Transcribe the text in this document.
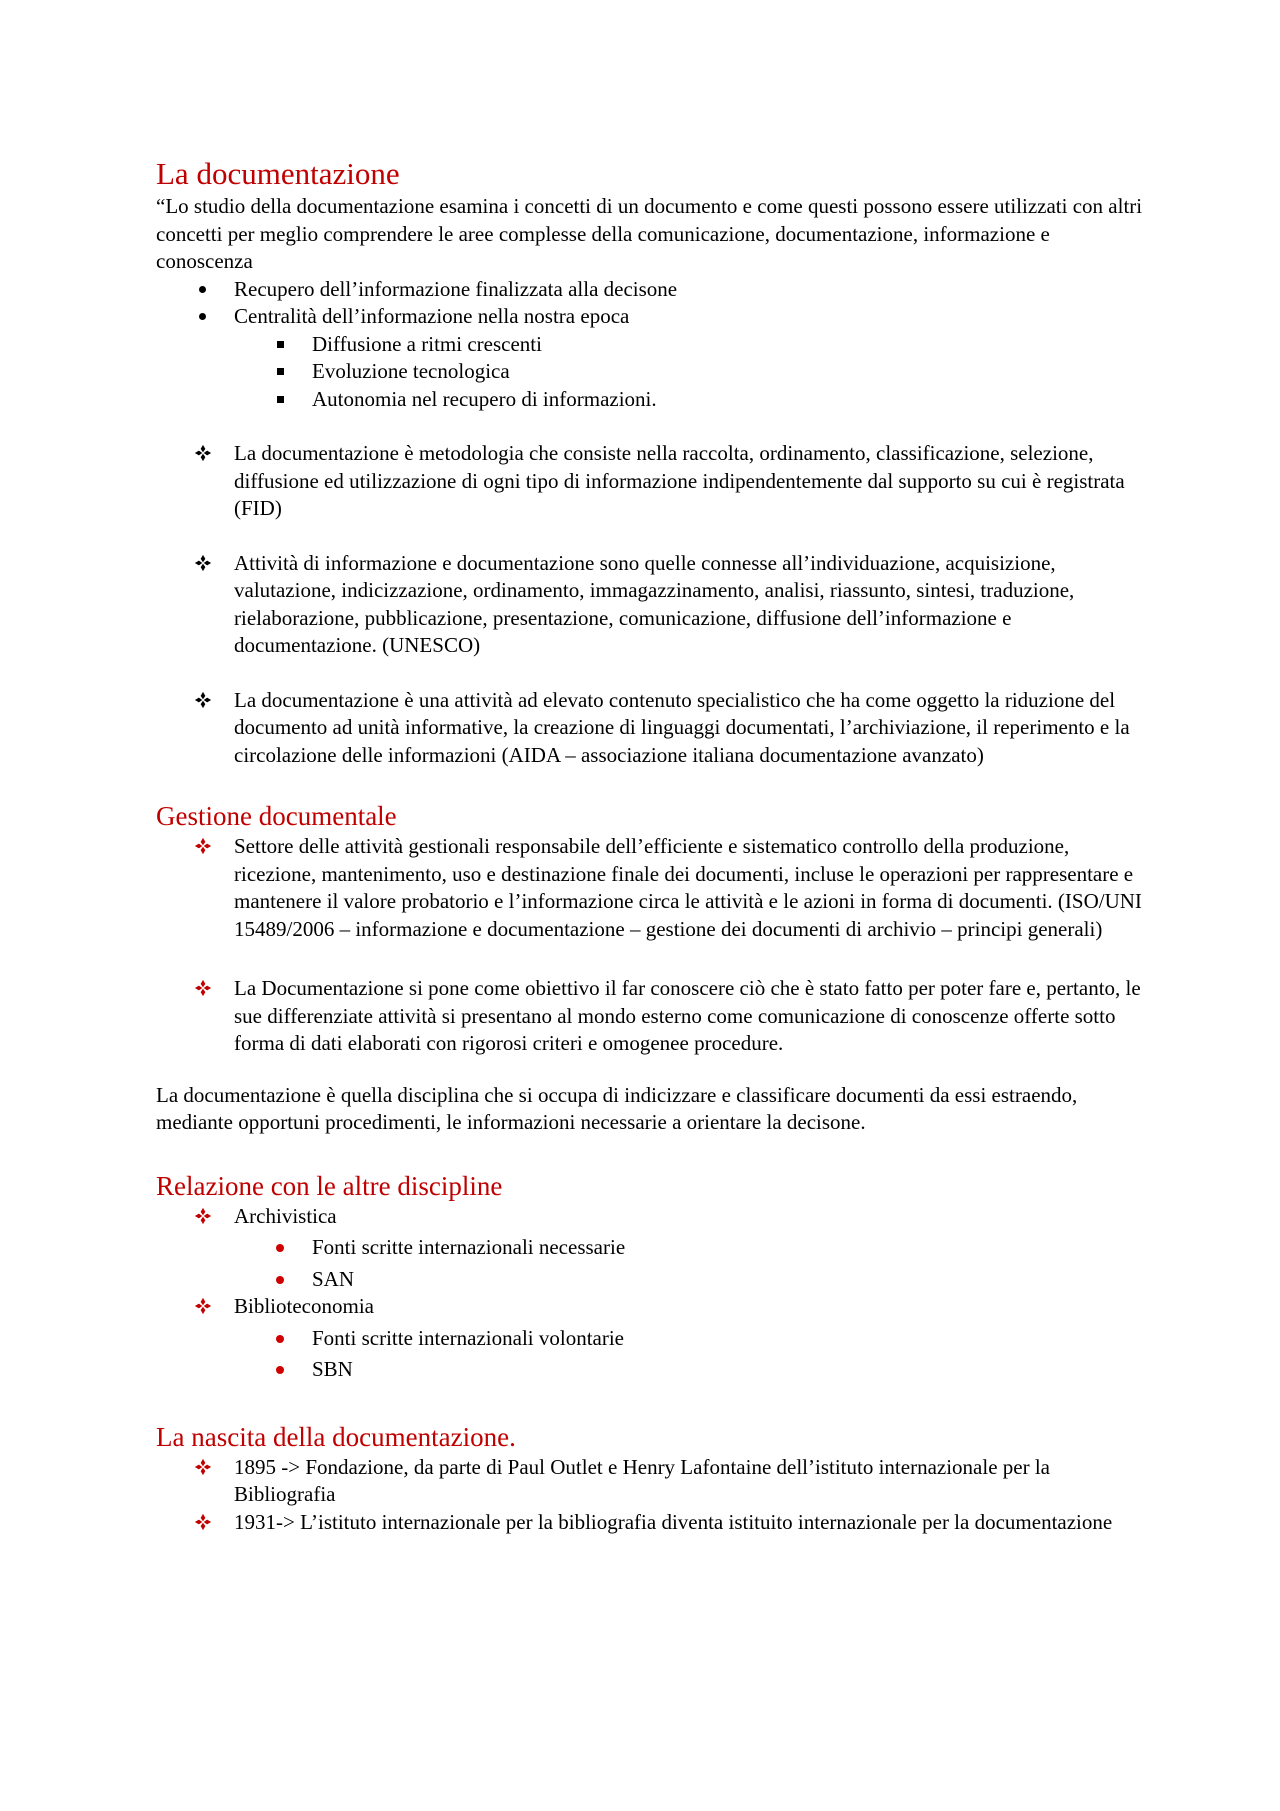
La documentazione

“Lo studio della documentazione esamina i concetti di un documento e come questi possono essere utilizzati con altri concetti per meglio comprendere le aree complesse della comunicazione, documentazione, informazione e conoscenza

Recupero dell’informazione finalizzata alla decisone
Centralità dell’informazione nella nostra epoca
Diffusione a ritmi crescenti
Evoluzione tecnologica
Autonomia nel recupero di informazioni.
La documentazione è metodologia che consiste nella raccolta, ordinamento, classificazione, selezione, diffusione ed utilizzazione di ogni tipo di informazione indipendentemente dal supporto su cui è registrata (FID)
Attività di informazione e documentazione sono quelle connesse all’individuazione, acquisizione, valutazione, indicizzazione, ordinamento, immagazzinamento, analisi, riassunto, sintesi, traduzione, rielaborazione, pubblicazione, presentazione, comunicazione, diffusione dell’informazione e documentazione. (UNESCO)
La documentazione è una attività ad elevato contenuto specialistico che ha come oggetto la riduzione del documento ad unità informative, la creazione di linguaggi documentati, l’archiviazione, il reperimento e la circolazione delle informazioni (AIDA – associazione italiana documentazione avanzato)
Gestione documentale
Settore delle attività gestionali responsabile dell’efficiente e sistematico controllo della produzione, ricezione, mantenimento, uso e destinazione finale dei documenti, incluse le operazioni per rappresentare e mantenere il valore probatorio e l’informazione circa le attività e le azioni in forma di documenti. (ISO/UNI 15489/2006 – informazione e documentazione – gestione dei documenti di archivio – principi generali)
La Documentazione si pone come obiettivo il far conoscere ciò che è stato fatto per poter fare e, pertanto, le sue differenziate attività si presentano al mondo esterno come comunicazione di conoscenze offerte sotto forma di dati elaborati con rigorosi criteri e omogenee procedure.

La documentazione è quella disciplina che si occupa di indicizzare e classificare documenti da essi estraendo, mediante opportuni procedimenti, le informazioni necessarie a orientare la decisone.

Relazione con le altre discipline
Archivistica
Fonti scritte internazionali necessarie
SAN
Biblioteconomia
Fonti scritte internazionali volontarie
SBN
La nascita della documentazione.
1895 -> Fondazione, da parte di Paul Outlet e Henry Lafontaine dell’istituto internazionale per la Bibliografia
1931-> L’istituto internazionale per la bibliografia diventa istituito internazionale per la documentazione
